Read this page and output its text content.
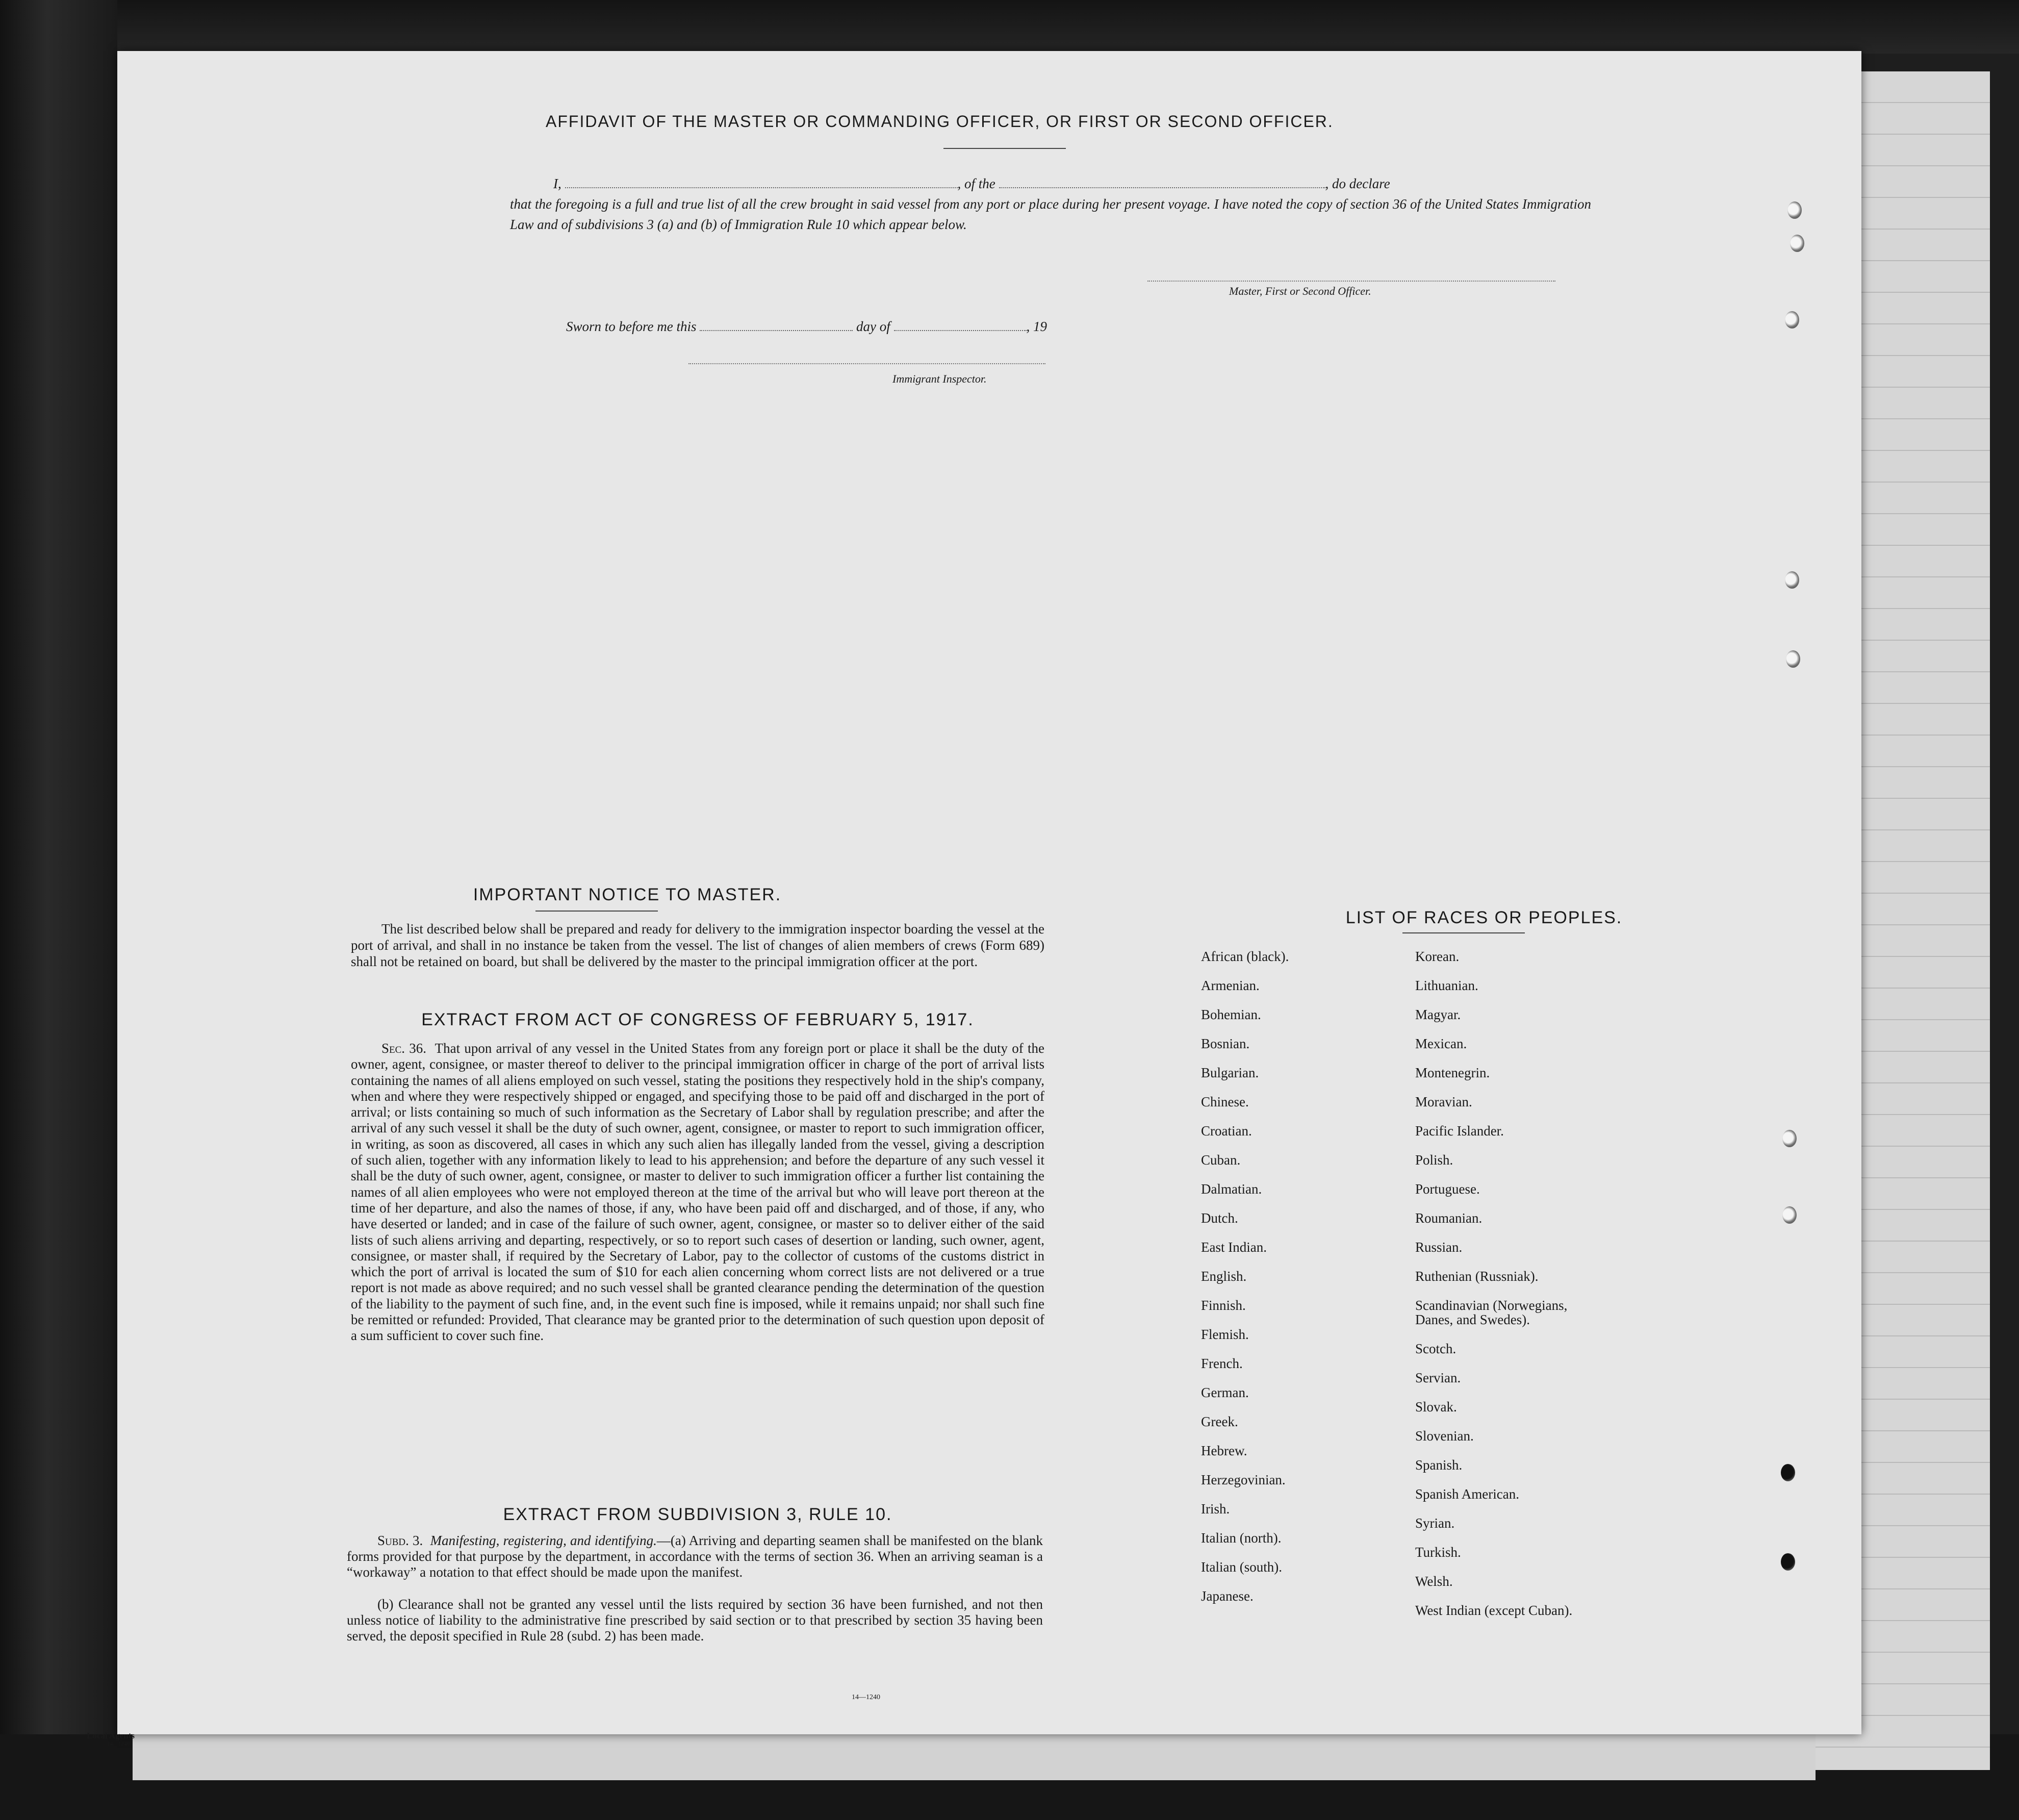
AFFIDAVIT OF THE MASTER OR COMMANDING OFFICER, OR FIRST OR SECOND OFFICER.
I,	, of the	, do declare
that the foregoing is a full and true list of all the crew brought in said vessel from any port or place during her present voyage. I have noted the copy of section 36 of the United States Immigration Law and of subdivisions 3 (a) and (b) of Immigration Rule 10 which appear below.
Master, First or Second Officer.
Sworn to before me this	day of	, 19
Immigrant Inspector.
IMPORTANT NOTICE TO MASTER.
The list described below shall be prepared and ready for delivery to the immigration inspector boarding the vessel at the port of arrival, and shall in no instance be taken from the vessel. The list of changes of alien members of crews (Form 689) shall not be retained on board, but shall be delivered by the master to the principal immigration officer at the port.
EXTRACT FROM ACT OF CONGRESS OF FEBRUARY 5, 1917.
Sec. 36. That upon arrival of any vessel in the United States from any foreign port or place it shall be the duty of the owner, agent, consignee, or master thereof to deliver to the principal immigration officer in charge of the port of arrival lists containing the names of all aliens employed on such vessel, stating the positions they respectively hold in the ship's company, when and where they were respectively shipped or engaged, and specifying those to be paid off and discharged in the port of arrival; or lists containing so much of such information as the Secretary of Labor shall by regulation prescribe; and after the arrival of any such vessel it shall be the duty of such owner, agent, consignee, or master to report to such immigration officer, in writing, as soon as discovered, all cases in which any such alien has illegally landed from the vessel, giving a description of such alien, together with any information likely to lead to his apprehension; and before the departure of any such vessel it shall be the duty of such owner, agent, consignee, or master to deliver to such immigration officer a further list containing the names of all alien employees who were not employed thereon at the time of the arrival but who will leave port thereon at the time of her departure, and also the names of those, if any, who have been paid off and discharged, and of those, if any, who have deserted or landed; and in case of the failure of such owner, agent, consignee, or master so to deliver either of the said lists of such aliens arriving and departing, respectively, or so to report such cases of desertion or landing, such owner, agent, consignee, or master shall, if required by the Secretary of Labor, pay to the collector of customs of the customs district in which the port of arrival is located the sum of $10 for each alien concerning whom correct lists are not delivered or a true report is not made as above required; and no such vessel shall be granted clearance pending the determination of the question of the liability to the payment of such fine, and, in the event such fine is imposed, while it remains unpaid; nor shall such fine be remitted or refunded: Provided, That clearance may be granted prior to the determination of such question upon deposit of a sum sufficient to cover such fine.
EXTRACT FROM SUBDIVISION 3, RULE 10.
Subd. 3. Manifesting, registering, and identifying.—(a) Arriving and departing seamen shall be manifested on the blank forms provided for that purpose by the department, in accordance with the terms of section 36. When an arriving seaman is a “workaway” a notation to that effect should be made upon the manifest.
(b) Clearance shall not be granted any vessel until the lists required by section 36 have been furnished, and not then unless notice of liability to the administrative fine prescribed by said section or to that prescribed by section 35 having been served, the deposit specified in Rule 28 (subd. 2) has been made.
14—1240
LIST OF RACES OR PEOPLES.
African (black).
Armenian.
Bohemian.
Bosnian.
Bulgarian.
Chinese.
Croatian.
Cuban.
Dalmatian.
Dutch.
East Indian.
English.
Finnish.
Flemish.
French.
German.
Greek.
Hebrew.
Herzegovinian.
Irish.
Italian (north).
Italian (south).
Japanese.
Korean.
Lithuanian.
Magyar.
Mexican.
Montenegrin.
Moravian.
Pacific Islander.
Polish.
Portuguese.
Roumanian.
Russian.
Ruthenian (Russniak).
Scandinavian (Norwegians,
Danes, and Swedes).
Scotch.
Servian.
Slovak.
Slovenian.
Spanish.
Spanish American.
Syrian.
Turkish.
Welsh.
West Indian (except Cuban).
Local Agents
14—1240
